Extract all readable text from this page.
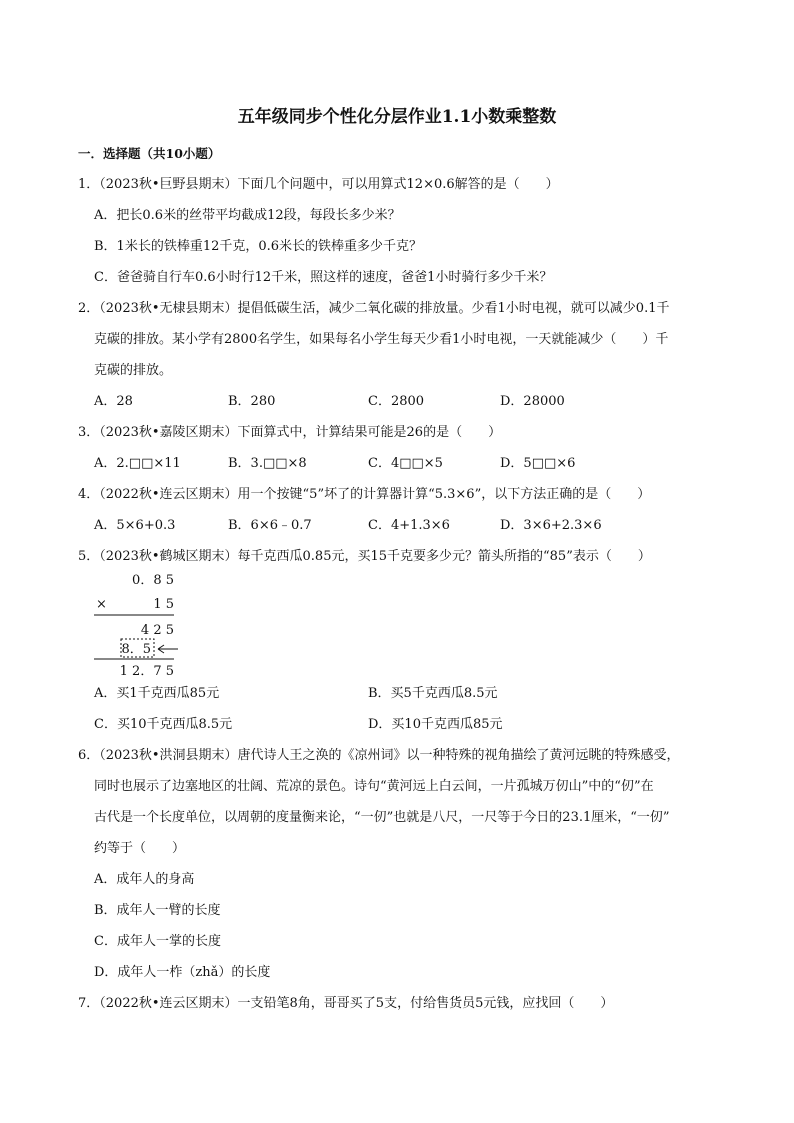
五年级同步个性化分层作业1.1小数乘整数
一．选择题（共10小题）
1．（2023秋•巨野县期末）下面几个问题中，可以用算式12×0.6解答的是（　　）
A．把长0.6米的丝带平均截成12段，每段长多少米？
B．1米长的铁棒重12千克，0.6米长的铁棒重多少千克？
C．爸爸骑自行车0.6小时行12千米，照这样的速度，爸爸1小时骑行多少千米？
2．（2023秋•无棣县期末）提倡低碳生活，减少二氧化碳的排放量。少看1小时电视，就可以减少0.1千
克碳的排放。某小学有2800名学生，如果每名小学生每天少看1小时电视，一天就能减少（　　）千
克碳的排放。
A．28	B．280	C．2800	D．28000
3．（2023秋•嘉陵区期末）下面算式中，计算结果可能是26的是（　　）
A．2.□□×11	B．3.□□×8	C．4□□×5	D．5□□×6
4．（2022秋•连云区期末）用一个按键“5”坏了的计算器计算“5.3×6”，以下方法正确的是（　　）
A．5×6+0.3	B．6×6﹣0.7	C．4+1.3×6	D．3×6+2.3×6
5．（2023秋•鹤城区期末）每千克西瓜0.85元，买15千克要多少元？箭头所指的“85”表示（　　）
0．8 5
×	1 5
4 2 5
8．5
1 2．7 5
A．买1千克西瓜85元	B．买5千克西瓜8.5元
C．买10千克西瓜8.5元	D．买10千克西瓜85元
6．（2023秋•洪洞县期末）唐代诗人王之涣的《凉州词》以一种特殊的视角描绘了黄河远眺的特殊感受，
同时也展示了边塞地区的壮阔、荒凉的景色。诗句“黄河远上白云间，一片孤城万仞山”中的“仞”在
古代是一个长度单位，以周朝的度量衡来论，“一仞”也就是八尺，一尺等于今日的23.1厘米，“一仞”
约等于（　　）
A．成年人的身高
B．成年人一臂的长度
C．成年人一掌的长度
D．成年人一柞（zhǎ）的长度
7．（2022秋•连云区期末）一支铅笔8角，哥哥买了5支，付给售货员5元钱，应找回（　　）
